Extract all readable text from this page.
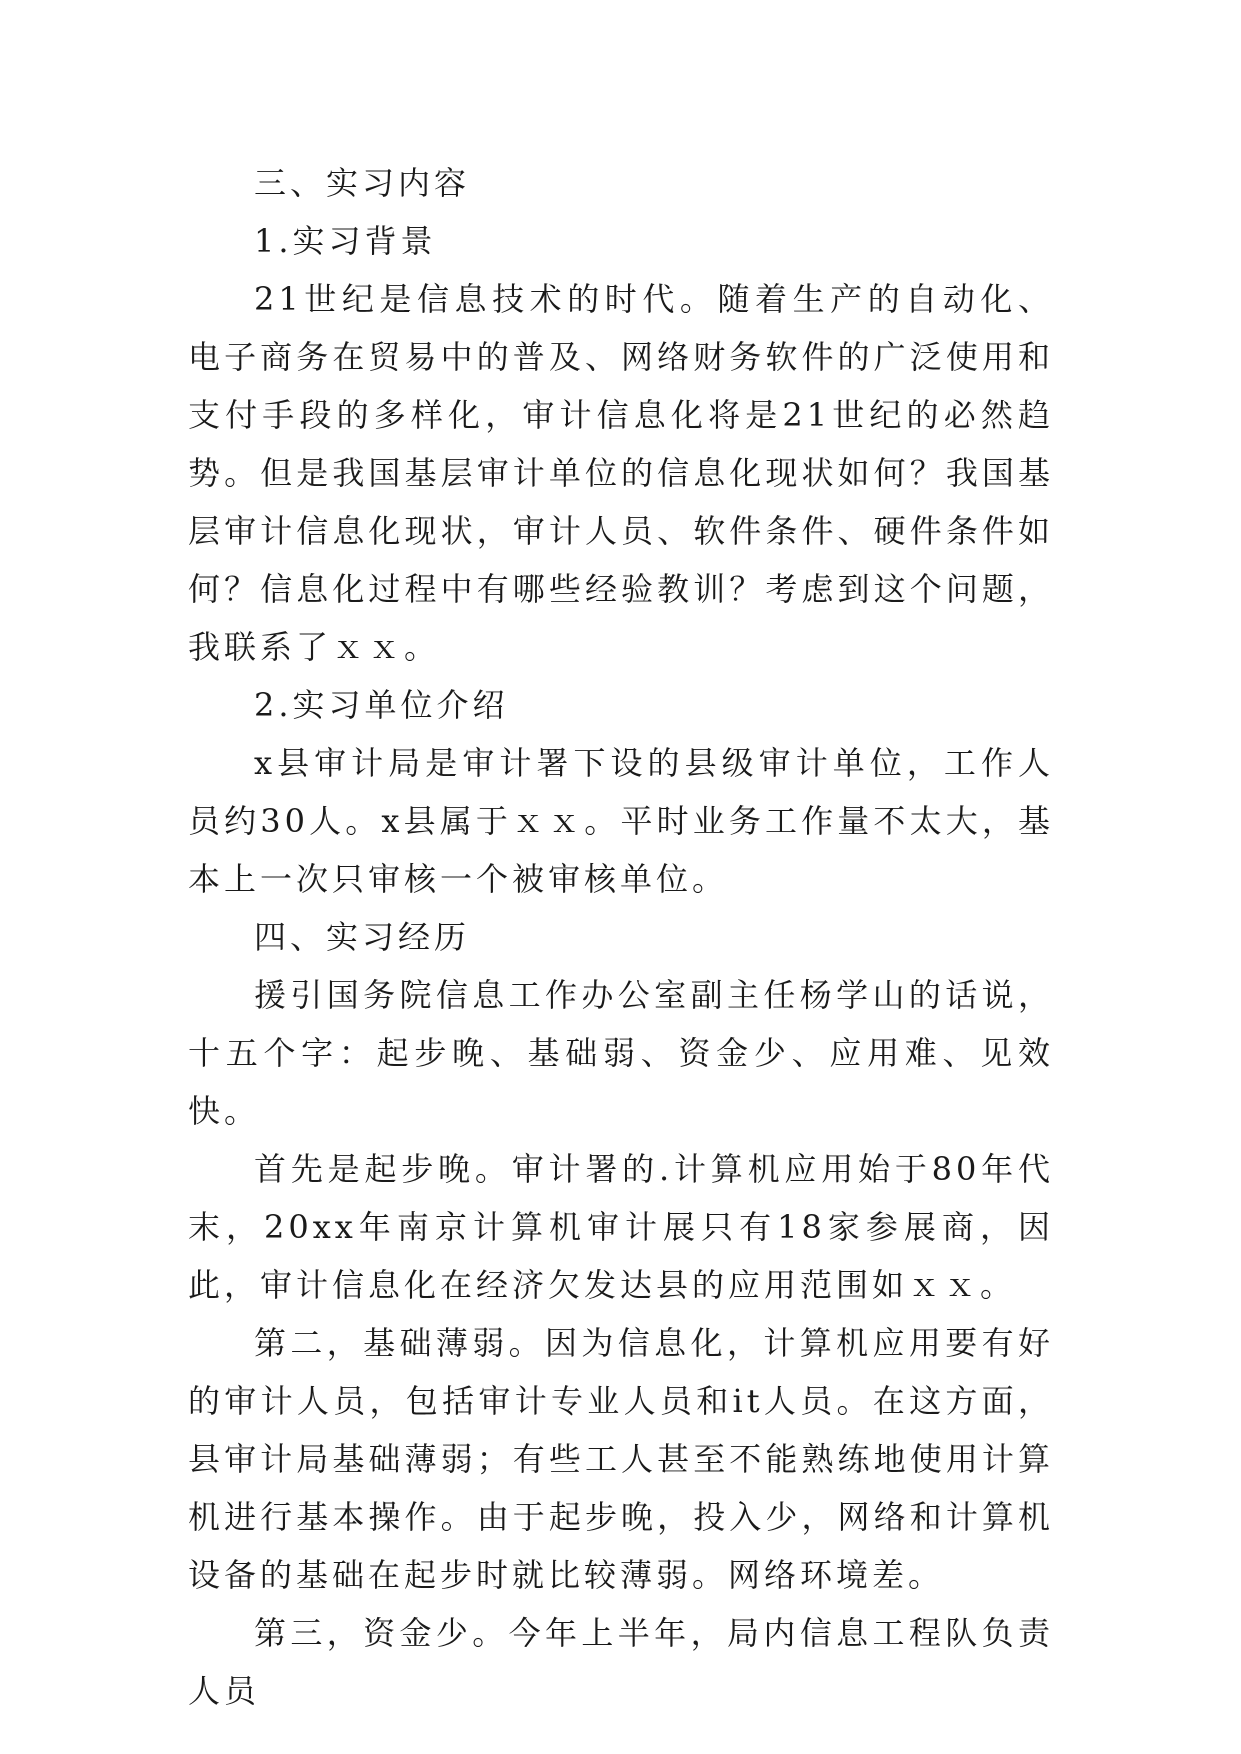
三、实习内容

1.实习背景

21世纪是信息技术的时代。随着生产的自动化、电子商务在贸易中的普及、网络财务软件的广泛使用和支付手段的多样化，审计信息化将是21世纪的必然趋势。但是我国基层审计单位的信息化现状如何？我国基层审计信息化现状，审计人员、软件条件、硬件条件如何？信息化过程中有哪些经验教训？考虑到这个问题，我联系了ｘｘ。

2.实习单位介绍

x县审计局是审计署下设的县级审计单位，工作人员约30人。x县属于ｘｘ。平时业务工作量不太大，基本上一次只审核一个被审核单位。

四、实习经历

援引国务院信息工作办公室副主任杨学山的话说，十五个字：起步晚、基础弱、资金少、应用难、见效快。

首先是起步晚。审计署的.计算机应用始于80年代末，20xx年南京计算机审计展只有18家参展商，因此，审计信息化在经济欠发达县的应用范围如ｘｘ。

第二，基础薄弱。因为信息化，计算机应用要有好的审计人员，包括审计专业人员和it人员。在这方面，县审计局基础薄弱；有些工人甚至不能熟练地使用计算机进行基本操作。由于起步晚，投入少，网络和计算机设备的基础在起步时就比较薄弱。网络环境差。

第三，资金少。今年上半年，局内信息工程队负责人员
